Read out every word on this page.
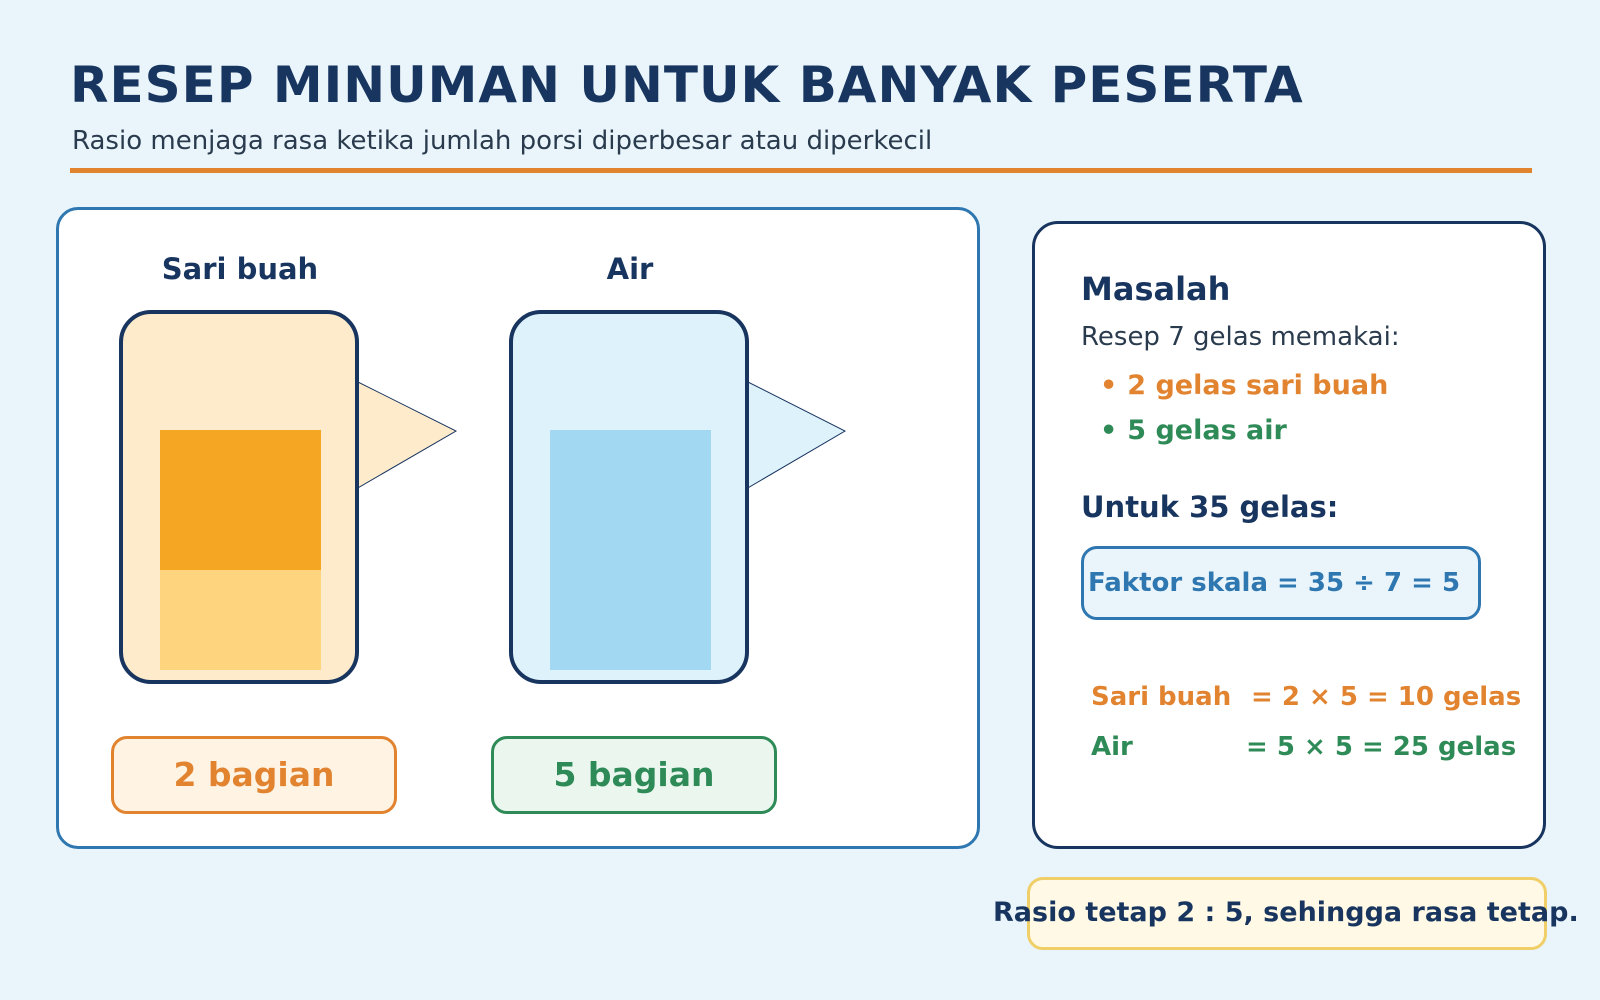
RESEP MINUMAN UNTUK BANYAK PESERTA
Rasio menjaga rasa ketika jumlah porsi diperbesar atau diperkecil
Sari buah	Air
2 bagian	5 bagian
Masalah
Resep 7 gelas memakai:
• 2 gelas sari buah
• 5 gelas air
Untuk 35 gelas:
Faktor skala = 35 ÷ 7 = 5
Sari buah = 2 × 5 = 10 gelas
Air	= 5 × 5 = 25 gelas
Rasio tetap 2 : 5, sehingga rasa tetap.
